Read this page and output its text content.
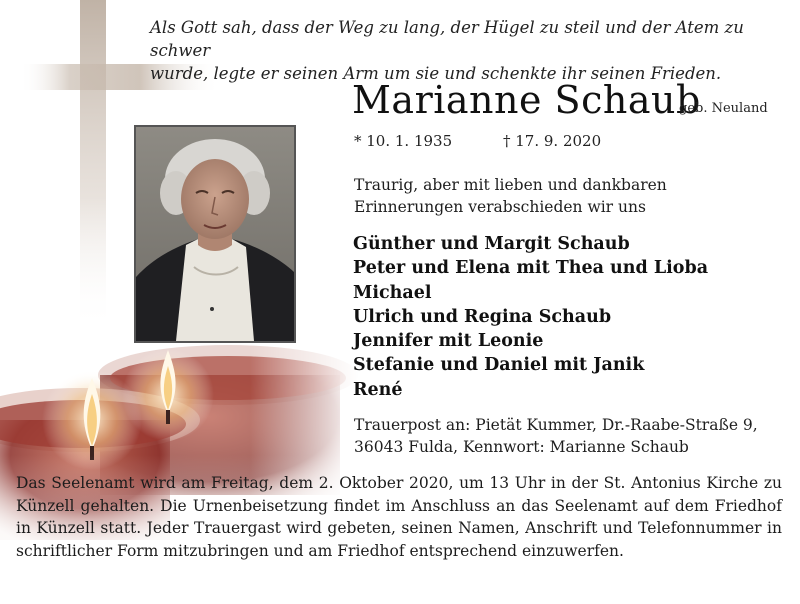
Als Gott sah, dass der Weg zu lang, der Hügel zu steil und der Atem zu schwer
wurde, legte er seinen Arm um sie und schenkte ihr seinen Frieden.
Marianne Schaub
geb. Neuland
* 10. 1. 1935	† 17. 9. 2020
Traurig, aber mit lieben und dankbaren
Erinnerungen verabschieden wir uns
Günther und Margit Schaub
Peter und Elena mit Thea und Lioba
Michael
Ulrich und Regina Schaub
Jennifer mit Leonie
Stefanie und Daniel mit Janik
René
Trauerpost an: Pietät Kummer, Dr.-Raabe-Straße 9,
36043 Fulda, Kennwort: Marianne Schaub
Das Seelenamt wird am Freitag, dem 2. Oktober 2020, um 13 Uhr in der St. Antonius Kirche zu Künzell gehalten. Die Urnenbeisetzung findet im Anschluss an das Seelenamt auf dem Friedhof in Künzell statt. Jeder Trauergast wird gebeten, seinen Namen, Anschrift und Telefonnummer in schriftlicher Form mitzubringen und am Friedhof entsprechend einzuwerfen.
